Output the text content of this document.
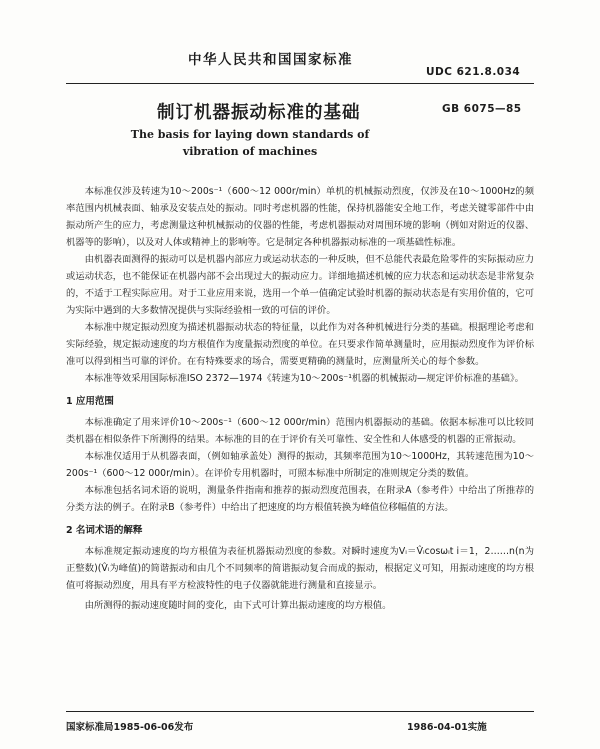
中华人民共和国国家标准
UDC 621.8.034
制订机器振动标准的基础	GB 6075—85
The basis for laying down standards of
vibration of machines

本标准仅涉及转速为10～200s⁻¹（600～12 000r/min）单机的机械振动烈度，仅涉及在10～1000Hz的频率范围内机械表面、轴承及安装点处的振动。同时考虑机器的性能，保持机器能安全地工作，考虑关键零部件中由振动所产生的应力，考虑测量这种机械振动的仪器的性能，考虑机器振动对周围环境的影响（例如对附近的仪器、机器等的影响），以及对人体或精神上的影响等。它是制定各种机器振动标准的一项基础性标准。

由机器表面测得的振动可以是机器内部应力或运动状态的一种反映，但不总能代表最危险零件的实际振动应力或运动状态，也不能保证在机器内部不会出现过大的振动应力。详细地描述机械的应力状态和运动状态是非常复杂的，不适于工程实际应用。对于工业应用来说，选用一个单一值确定试验时机器的振动状态是有实用价值的，它可为实际中遇到的大多数情况提供与实际经验相一致的可信的评价。

本标准中规定振动烈度为描述机器振动状态的特征量，以此作为对各种机械进行分类的基础。根据理论考虑和实际经验，规定振动速度的均方根值作为度量振动烈度的单位。在只要求作简单测量时，应用振动烈度作为评价标准可以得到相当可靠的评价。在有特殊要求的场合，需要更精确的测量时，应测量所关心的每个参数。

本标准等效采用国际标准ISO 2372—1974《转速为10～200s⁻¹机器的机械振动—规定评价标准的基础》。

1 应用范围

本标准确定了用来评价10～200s⁻¹（600～12 000r/min）范围内机器振动的基础。依据本标准可以比较同类机器在相似条件下所测得的结果。本标准的目的在于评价有关可靠性、安全性和人体感受的机器的正常振动。

本标准仅适用于从机器表面，（例如轴承盖处）测得的振动，其频率范围为10～1000Hz，其转速范围为10～200s⁻¹（600～12 000r/min）。在评价专用机器时，可照本标准中所制定的准则规定分类的数值。

本标准包括名词术语的说明，测量条件指南和推荐的振动烈度范围表，在附录A（参考件）中给出了所推荐的分类方法的例子。在附录B（参考件）中给出了把速度的均方根值转换为峰值位移幅值的方法。

2 名词术语的解释

本标准规定振动速度的均方根值为表征机器振动烈度的参数。对瞬时速度为Vᵢ＝V̂ᵢcosωᵢt i＝1，2……n(n为正整数)(V̂ᵢ为峰值)的简谐振动和由几个不同频率的简谐振动复合而成的振动，根据定义可知，用振动速度的均方根值可将振动烈度，用具有平方检波特性的电子仪器就能进行测量和直接显示。

由所测得的振动速度随时间的变化，由下式可计算出振动速度的均方根值。

国家标准局1985-06-06发布	1986-04-01实施
